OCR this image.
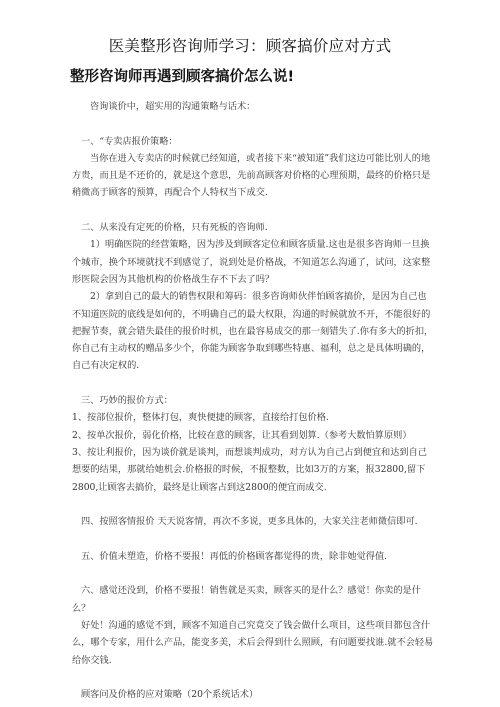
医美整形咨询师学习：顾客搞价应对方式
整形咨询师再遇到顾客搞价怎么说!

咨询谈价中，超实用的沟通策略与话术：

一、“专卖店报价策略：

当你在进入专卖店的时候就已经知道，或者接下来“被知道”我们这边可能比别人的地方贵，而且是不还价的，就是这个意思，先前高顾客对价格的心理预期，最终的价格只是稍微高于顾客的预算，再配合个人特权当下成交.

二、从来没有定死的价格，只有死板的咨询师.

1）明确医院的经营策略，因为涉及到顾客定位和顾客质量.这也是很多咨询师一旦换个城市，换个环境就找不到感觉了，说到处是价格战，不知道怎么沟通了，试问，这家整形医院会因为其他机构的价格战生存不下去了吗？

2）拿到自己的最大的销售权限和筹码：很多咨询师伙伴怕顾客搞价，是因为自己也不知道医院的底线是如何的，不明确自己的最大权限，沟通的时候就放不开，不能很好的把握节奏，就会错失最佳的报价时机，也在最容易成交的那一刻错失了.你有多大的折扣，你自己有主动权的赠品多少个，你能为顾客争取到哪些特惠、福利，总之是具体明确的，自己有决定权的.

三、巧妙的报价方式：

1、按部位报价，整体打包，爽快便捷的顾客，直接给打包价格.

2、按单次报价，弱化价格，比较在意的顾客，让其看到划算.（参考大数怕算原则）

3、按让利报价，因为谈价就是谈判，而想谈判成功，对方认为自己占到便宜和达到自己想要的结果，那就给她机会.价格报的时候，不报整数，比如3万的方案，报32800,留下2800,让顾客去搞价，最终是让顾客占到这2800的便宜而成交.

四、按照客情报价 天天说客情，再次不多说，更多具体的，大家关注老师微信即可.

五、价值未塑造，价格不要报！再低的价格顾客都觉得的贵，除非她觉得值.

六、感觉还没到，价格不要报！销售就是买卖，顾客买的是什么？感觉！你卖的是什么？

好处！沟通的感觉不到，顾客不知道自己究竟交了钱会做什么项目，这些项目都包含什么，哪个专家，用什么产品，能变多美，术后会得到什么照顾，有问题要找谁.就不会轻易给你交钱.

顾客问及价格的应对策略（20个系统话术）
